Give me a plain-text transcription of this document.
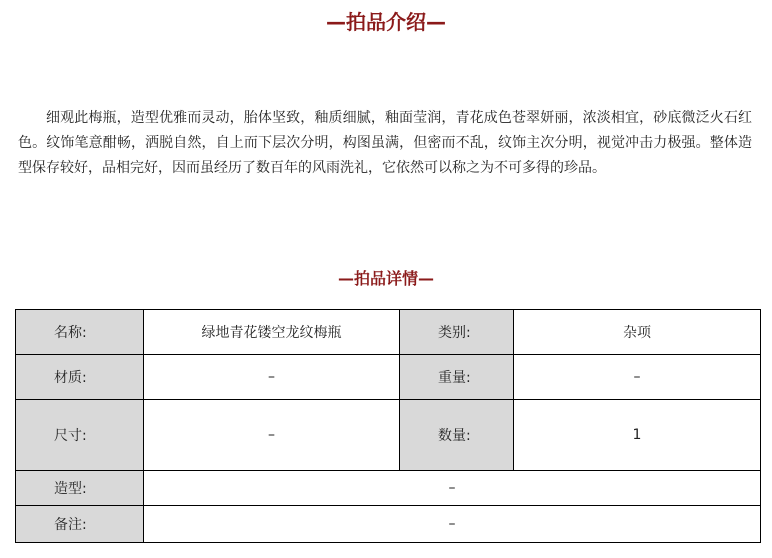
—拍品介绍—

细观此梅瓶，造型优雅而灵动，胎体坚致，釉质细腻，釉面莹润，青花成色苍翠妍丽，浓淡相宜，砂底微泛火石红色。纹饰笔意酣畅，洒脱自然，自上而下层次分明，构图虽满，但密而不乱，纹饰主次分明，视觉冲击力极强。整体造型保存较好，品相完好，因而虽经历了数百年的风雨洗礼，它依然可以称之为不可多得的珍品。

—拍品详情—
名称:	绿地青花镂空龙纹梅瓶	类别:	杂项
材质:	–	重量:	–
尺寸:	–	数量:	1
造型:	–		
备注:	–		
